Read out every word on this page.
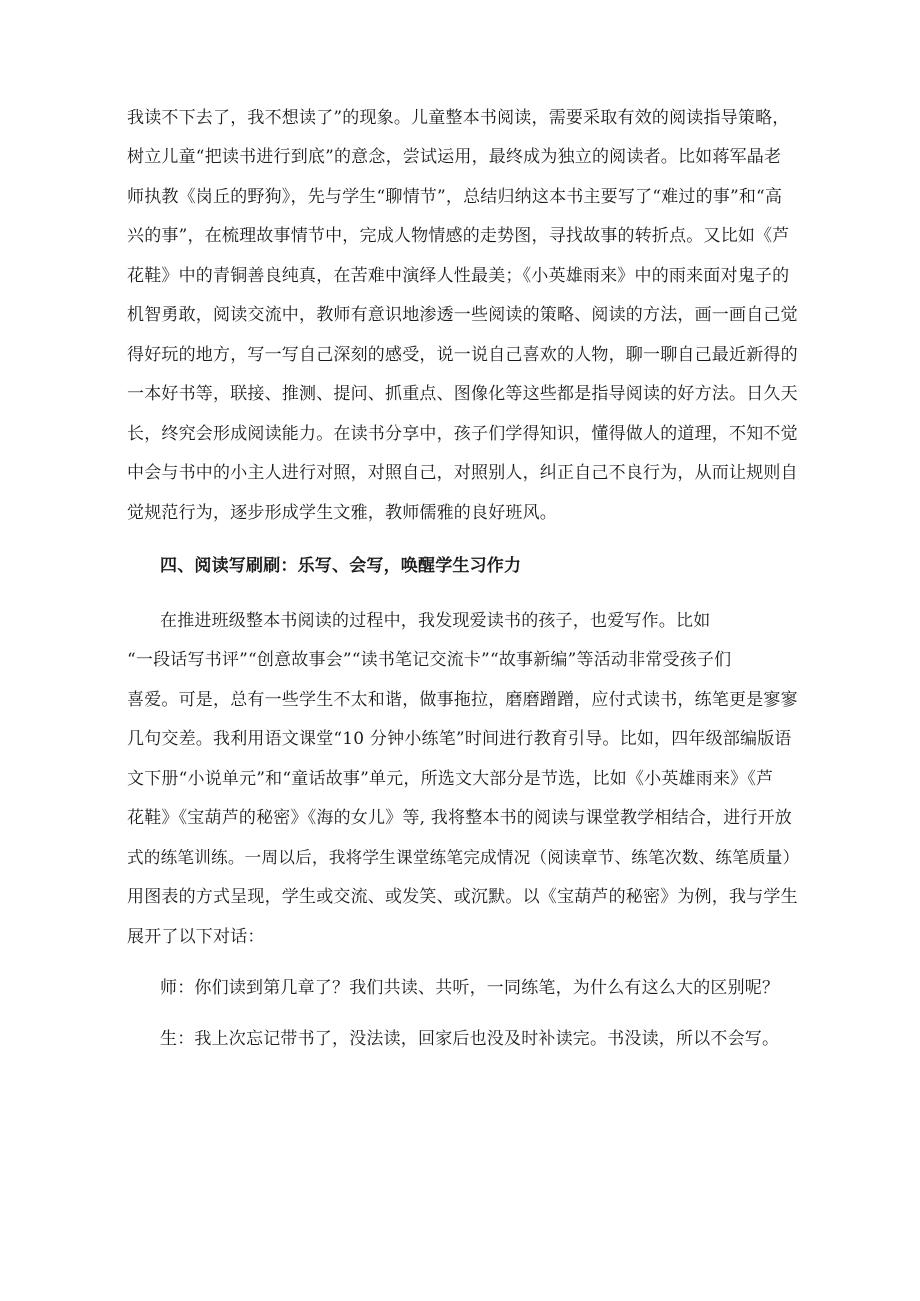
我读不下去了，我不想读了”的现象。儿童整本书阅读，需要采取有效的阅读指导策略，
树立儿童“把读书进行到底”的意念，尝试运用，最终成为独立的阅读者。比如蒋军晶老
师执教《岗丘的野狗》，先与学生“聊情节”，总结归纳这本书主要写了“难过的事”和“高
兴的事”，在梳理故事情节中，完成人物情感的走势图，寻找故事的转折点。又比如《芦
花鞋》中的青铜善良纯真，在苦难中演绎人性最美；《小英雄雨来》中的雨来面对鬼子的
机智勇敢，阅读交流中，教师有意识地渗透一些阅读的策略、阅读的方法，画一画自己觉
得好玩的地方，写一写自己深刻的感受，说一说自己喜欢的人物，聊一聊自己最近新得的
一本好书等，联接、推测、提问、抓重点、图像化等这些都是指导阅读的好方法。日久天
长，终究会形成阅读能力。在读书分享中，孩子们学得知识，懂得做人的道理，不知不觉
中会与书中的小主人进行对照，对照自己，对照别人，纠正自己不良行为，从而让规则自
觉规范行为，逐步形成学生文雅，教师儒雅的良好班风。
四、阅读写刷刷：乐写、会写，唤醒学生习作力
在推进班级整本书阅读的过程中，我发现爱读书的孩子，也爱写作。比如
“一段话写书评”“创意故事会”“读书笔记交流卡”“故事新编”等活动非常受孩子们
喜爱。可是，总有一些学生不太和谐，做事拖拉，磨磨蹭蹭，应付式读书，练笔更是寥寥
几句交差。我利用语文课堂“10 分钟小练笔”时间进行教育引导。比如，四年级部编版语
文下册“小说单元”和“童话故事”单元，所选文大部分是节选，比如《小英雄雨来》《芦
花鞋》《宝葫芦的秘密》《海的女儿》等, 我将整本书的阅读与课堂教学相结合，进行开放
式的练笔训练。一周以后，我将学生课堂练笔完成情况（阅读章节、练笔次数、练笔质量）
用图表的方式呈现，学生或交流、或发笑、或沉默。以《宝葫芦的秘密》为例，我与学生
展开了以下对话：
师：你们读到第几章了？我们共读、共听，一同练笔，为什么有这么大的区别呢？
生：我上次忘记带书了，没法读，回家后也没及时补读完。书没读，所以不会写。
